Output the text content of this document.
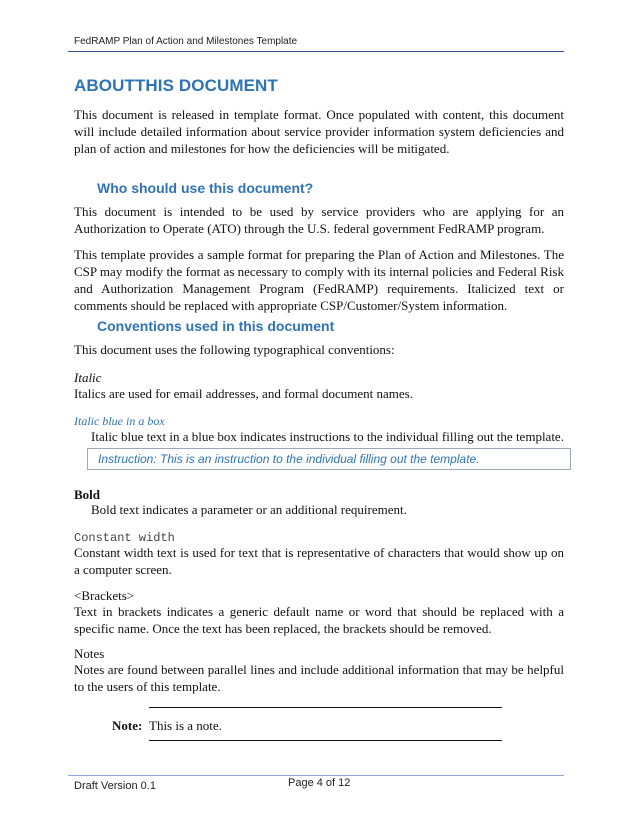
FedRAMP Plan of Action and Milestones Template
ABOUTTHIS DOCUMENT

This document is released in template format. Once populated with content, this document will include detailed information about service provider information system deficiencies and plan of action and milestones for how the deficiencies will be mitigated.

Who should use this document?

This document is intended to be used by service providers who are applying for an Authorization to Operate (ATO) through the U.S. federal government FedRAMP program.

This template provides a sample format for preparing the Plan of Action and Milestones. The CSP may modify the format as necessary to comply with its internal policies and Federal Risk and Authorization Management Program (FedRAMP) requirements. Italicized text or comments should be replaced with appropriate CSP/Customer/System information.

Conventions used in this document

This document uses the following typographical conventions:

Italic

Italics are used for email addresses, and formal document names.

Italic blue in a box
Italic blue text in a blue box indicates instructions to the individual filling out the template.
Instruction: This is an instruction to the individual filling out the template.
Bold
Bold text indicates a parameter or an additional requirement.
Constant width

Constant width text is used for text that is representative of characters that would show up on a computer screen.

<Brackets>

Text in brackets indicates a generic default name or word that should be replaced with a specific name. Once the text has been replaced, the brackets should be removed.

Notes

Notes are found between parallel lines and include additional information that may be helpful to the users of this template.

Note: This is a note.
Draft Version 0.1	Page 4 of 12
